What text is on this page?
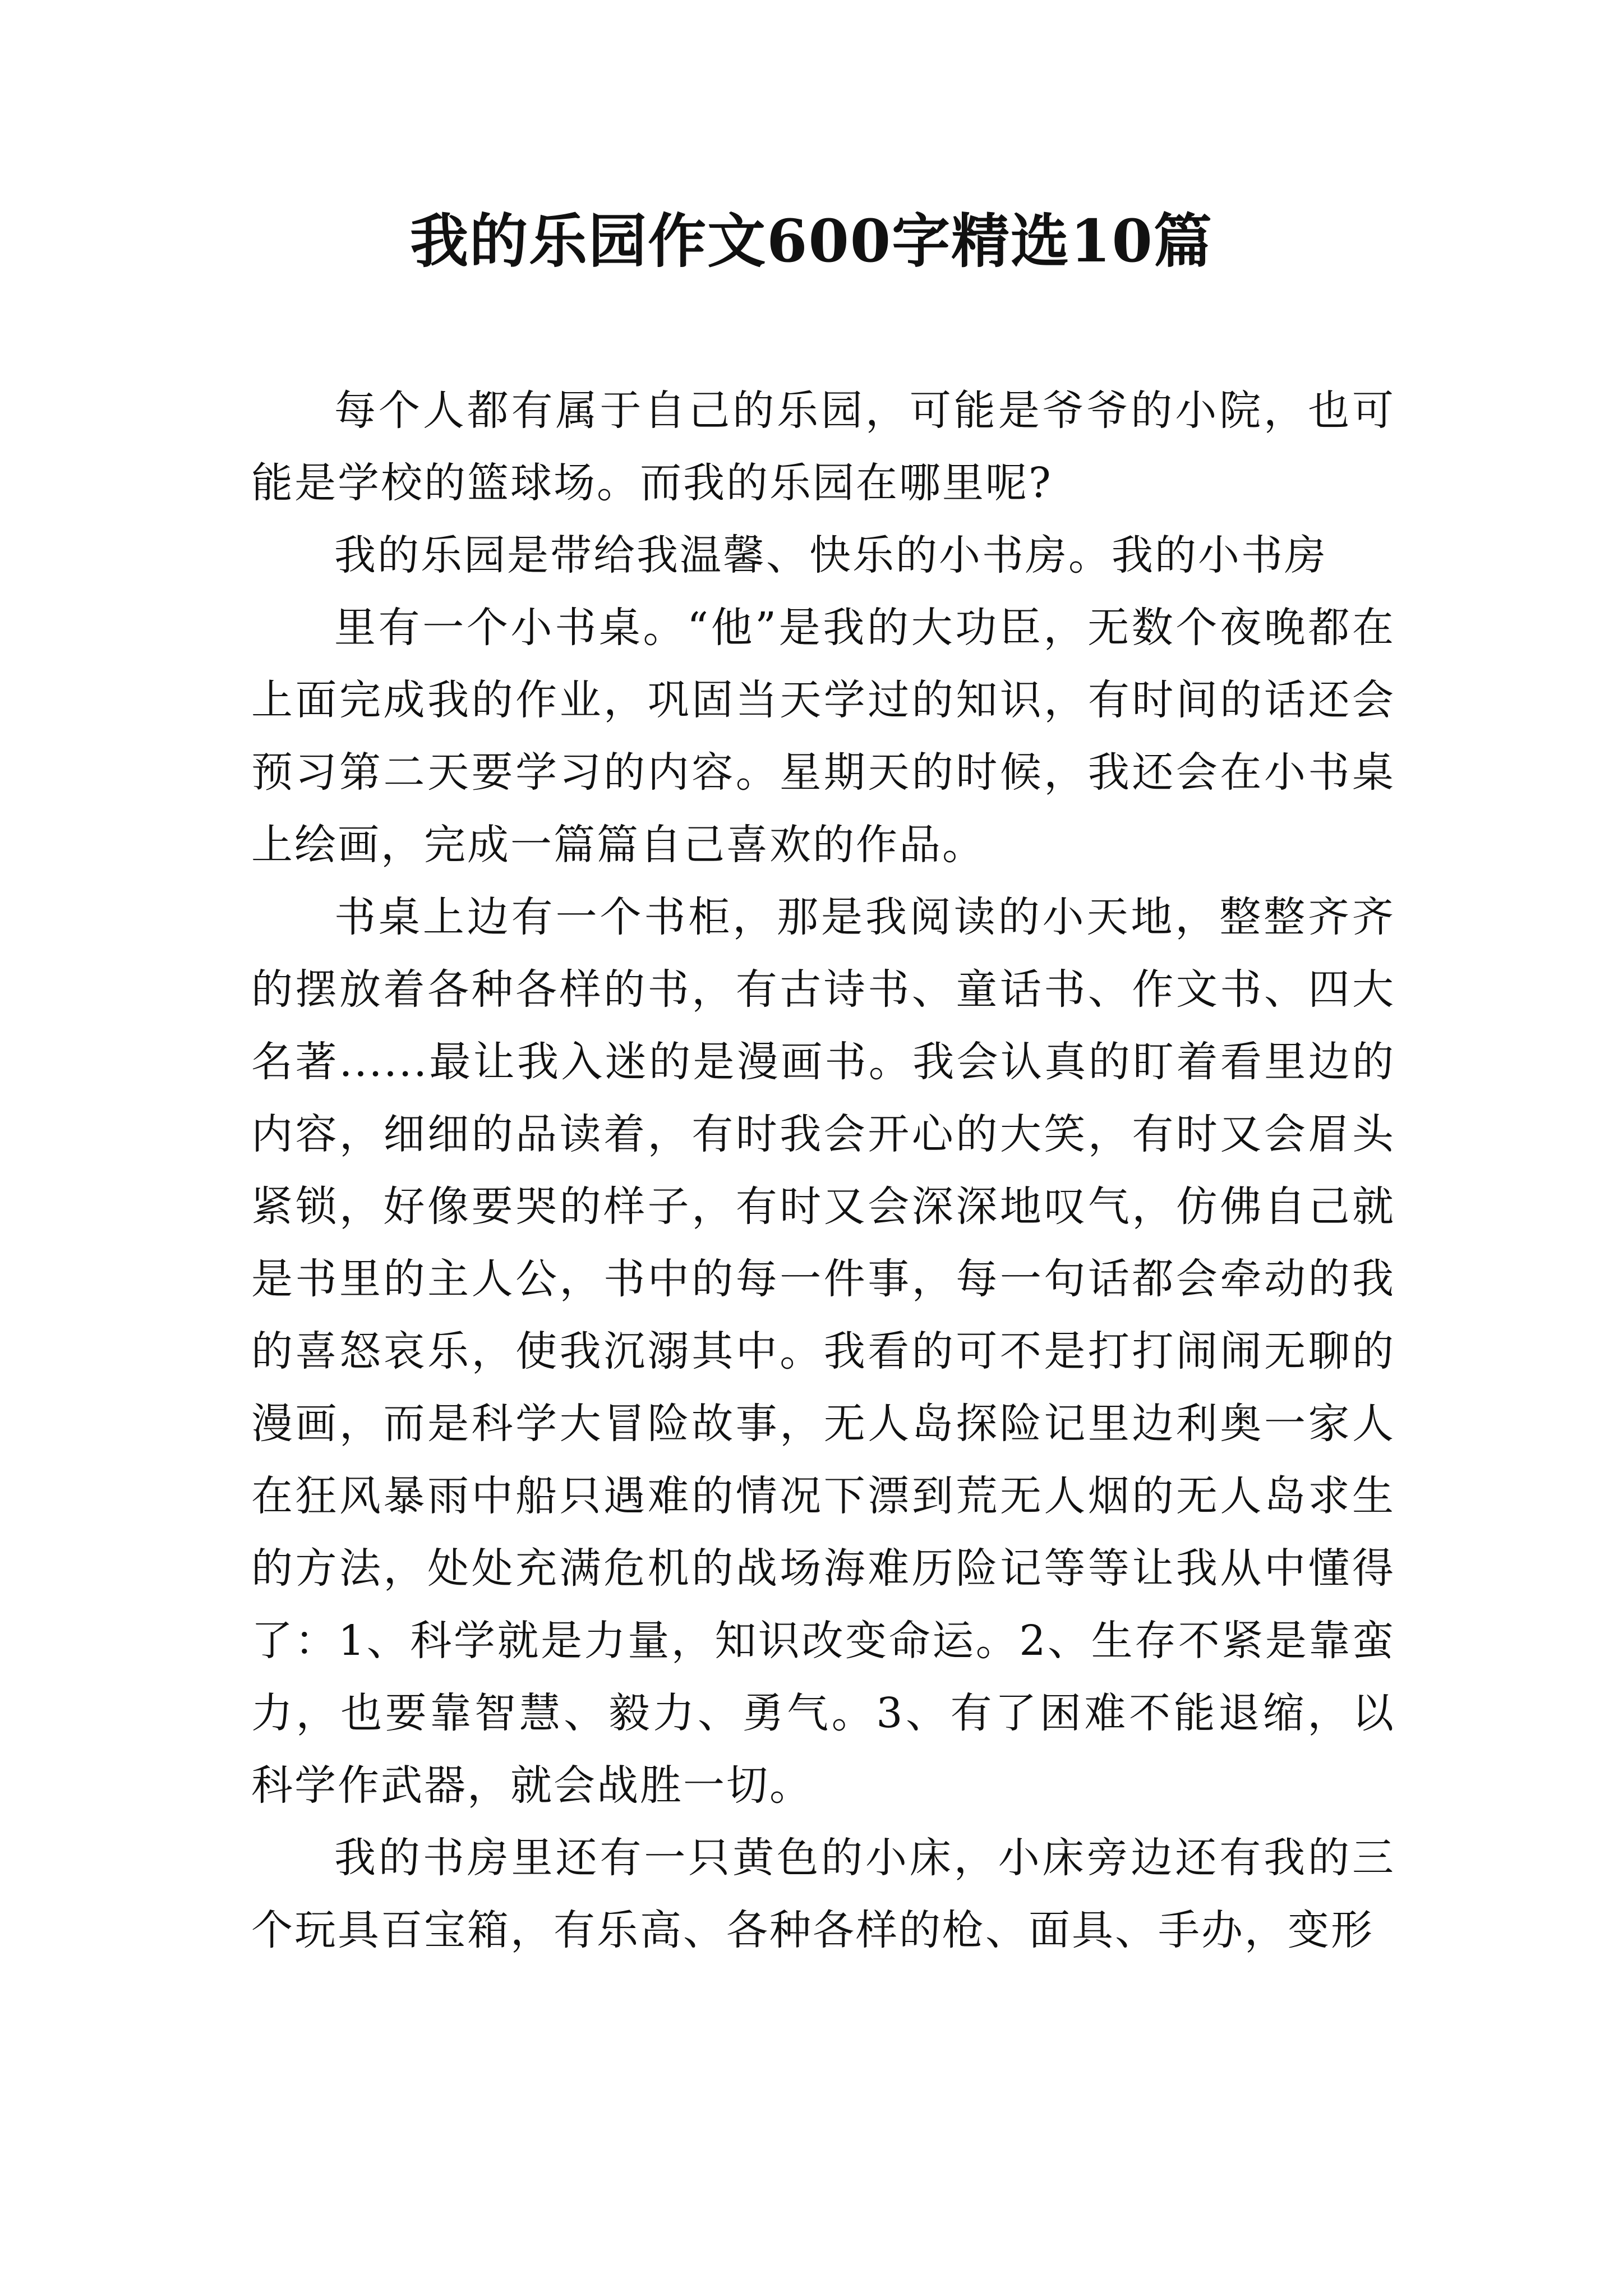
我的乐园作文600字精选10篇

每个人都有属于自己的乐园，可能是爷爷的小院，也可能是学校的篮球场。而我的乐园在哪里呢?

我的乐园是带给我温馨、快乐的小书房。我的小书房

里有一个小书桌。“他”是我的大功臣，无数个夜晚都在上面完成我的作业，巩固当天学过的知识，有时间的话还会预习第二天要学习的内容。星期天的时候，我还会在小书桌上绘画，完成一篇篇自己喜欢的作品。

书桌上边有一个书柜，那是我阅读的小天地，整整齐齐的摆放着各种各样的书，有古诗书、童话书、作文书、四大名著......最让我入迷的是漫画书。我会认真的盯着看里边的内容，细细的品读着，有时我会开心的大笑，有时又会眉头紧锁，好像要哭的样子，有时又会深深地叹气，仿佛自己就是书里的主人公，书中的每一件事，每一句话都会牵动的我的喜怒哀乐，使我沉溺其中。我看的可不是打打闹闹无聊的漫画，而是科学大冒险故事，无人岛探险记里边利奥一家人在狂风暴雨中船只遇难的情况下漂到荒无人烟的无人岛求生的方法，处处充满危机的战场海难历险记等等让我从中懂得了：1、科学就是力量，知识改变命运。2、生存不紧是靠蛮力，也要靠智慧、毅力、勇气。3、有了困难不能退缩，以科学作武器，就会战胜一切。

我的书房里还有一只黄色的小床，小床旁边还有我的三个玩具百宝箱，有乐高、各种各样的枪、面具、手办，变形
